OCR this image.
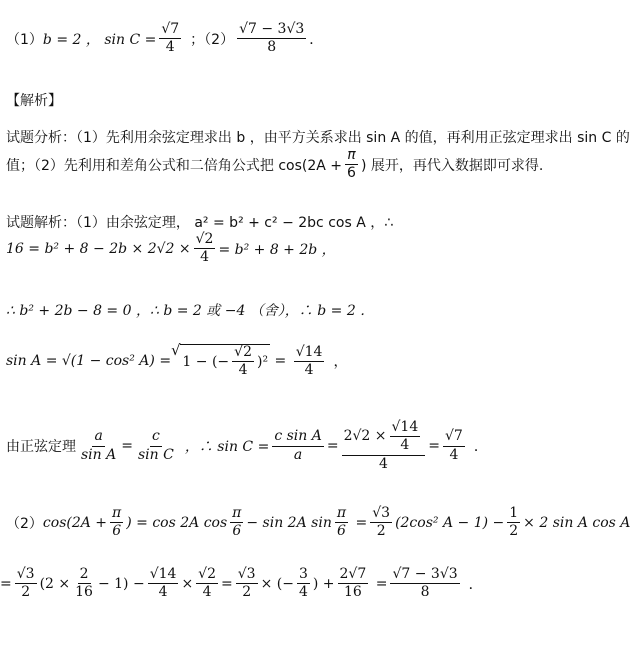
（1） b = 2 ， $\sin C = \frac{√7}{4}$ ；$(2) \frac{√7 - 3√3}{8}$ ．
【解析】
试题分析：（1）先利用余弦定理求出 b ，由平方关系求出 sin A 的值，再利用正弦定理求出 sin C 的
值；（2）先利用和差角公式和二倍角公式把 $\cos(2A + \frac{\pi}{6}$ ) 展开，再代入数据即可求得.
试题解析：（1）由余弦定理， a² = b² + c² − 2bc cos A ，∴
$16 = b^2 + 8 - 2b \times 2√2 \times \frac{√2}{4} = b^2 + 8 + 2b$ ，
∴ b² + 2b − 8 = 0 ，∴ b = 2 或 −4 （舍），∴ b = 2 ．
sin A = √(1 − cos² A) =
√
1 − (− $\frac{√2}{4} )^2 = \frac{√14}{4}$ ，
由正弦定理 $\frac{a}{\text{sin A}} = \frac{c}{\text{sin C}}$ ，∴ $\sin C = \frac{\text{c sin A}}{a} = \frac{2√2 \times \frac{√14}{4}}{4} = \frac{√7}{4}$ ．
（2） $\cos(2A + \frac{\pi}{6}$ ) = cos 2A $\cos \frac{\pi}{6} - \sin 2A$ $\sin \frac{\pi}{6} = \frac{√3}{2} (2\cos^2$ $A - 1) - \frac{1}{2} \times 2$ sin A cos A
= $\frac{√3}{2} (2 \times \frac{2}{16} - 1) - \frac{√14}{4} \times \frac{√2}{4} = \frac{√3}{2}$ × (− $\frac{3}{4}$ ) + $\frac{2√7}{16} = \frac{√7 - 3√3}{8}$ ．
